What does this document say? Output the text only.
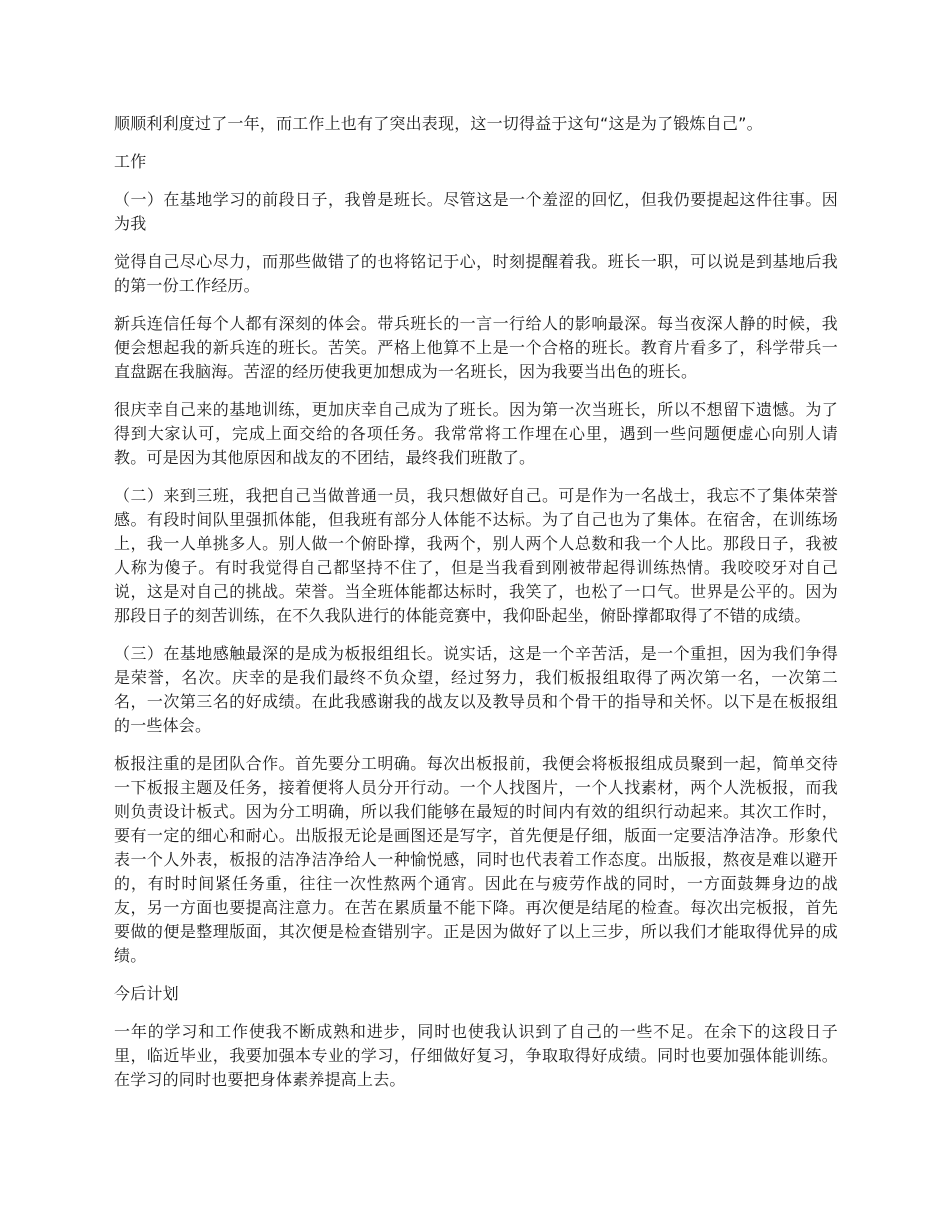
顺顺利利度过了一年，而工作上也有了突出表现，这一切得益于这句“这是为了锻炼自己”。

工作

（一）在基地学习的前段日子，我曾是班长。尽管这是一个羞涩的回忆，但我仍要提起这件往事。因为我

觉得自己尽心尽力，而那些做错了的也将铭记于心，时刻提醒着我。班长一职，可以说是到基地后我的第一份工作经历。

新兵连信任每个人都有深刻的体会。带兵班长的一言一行给人的影响最深。每当夜深人静的时候，我便会想起我的新兵连的班长。苦笑。严格上他算不上是一个合格的班长。教育片看多了，科学带兵一直盘踞在我脑海。苦涩的经历使我更加想成为一名班长，因为我要当出色的班长。

很庆幸自己来的基地训练，更加庆幸自己成为了班长。因为第一次当班长，所以不想留下遗憾。为了得到大家认可，完成上面交给的各项任务。我常常将工作埋在心里，遇到一些问题便虚心向别人请教。可是因为其他原因和战友的不团结，最终我们班散了。

（二）来到三班，我把自己当做普通一员，我只想做好自己。可是作为一名战士，我忘不了集体荣誉感。有段时间队里强抓体能，但我班有部分人体能不达标。为了自己也为了集体。在宿舍，在训练场上，我一人单挑多人。别人做一个俯卧撑，我两个，别人两个人总数和我一个人比。那段日子，我被人称为傻子。有时我觉得自己都坚持不住了，但是当我看到刚被带起得训练热情。我咬咬牙对自己说，这是对自己的挑战。荣誉。当全班体能都达标时，我笑了，也松了一口气。世界是公平的。因为那段日子的刻苦训练，在不久我队进行的体能竞赛中，我仰卧起坐，俯卧撑都取得了不错的成绩。

（三）在基地感触最深的是成为板报组组长。说实话，这是一个辛苦活，是一个重担，因为我们争得是荣誉，名次。庆幸的是我们最终不负众望，经过努力，我们板报组取得了两次第一名，一次第二名，一次第三名的好成绩。在此我感谢我的战友以及教导员和个骨干的指导和关怀。以下是在板报组的一些体会。

板报注重的是团队合作。首先要分工明确。每次出板报前，我便会将板报组成员聚到一起，简单交待一下板报主题及任务，接着便将人员分开行动。一个人找图片，一个人找素材，两个人洗板报，而我则负责设计板式。因为分工明确，所以我们能够在最短的时间内有效的组织行动起来。其次工作时，要有一定的细心和耐心。出版报无论是画图还是写字，首先便是仔细，版面一定要洁净洁净。形象代表一个人外表，板报的洁净洁净给人一种愉悦感，同时也代表着工作态度。出版报，熬夜是难以避开的，有时时间紧任务重，往往一次性熬两个通宵。因此在与疲劳作战的同时，一方面鼓舞身边的战友，另一方面也要提高注意力。在苦在累质量不能下降。再次便是结尾的检查。每次出完板报，首先要做的便是整理版面，其次便是检查错别字。正是因为做好了以上三步，所以我们才能取得优异的成绩。

今后计划

一年的学习和工作使我不断成熟和进步，同时也使我认识到了自己的一些不足。在余下的这段日子里，临近毕业，我要加强本专业的学习，仔细做好复习，争取取得好成绩。同时也要加强体能训练。在学习的同时也要把身体素养提高上去。
